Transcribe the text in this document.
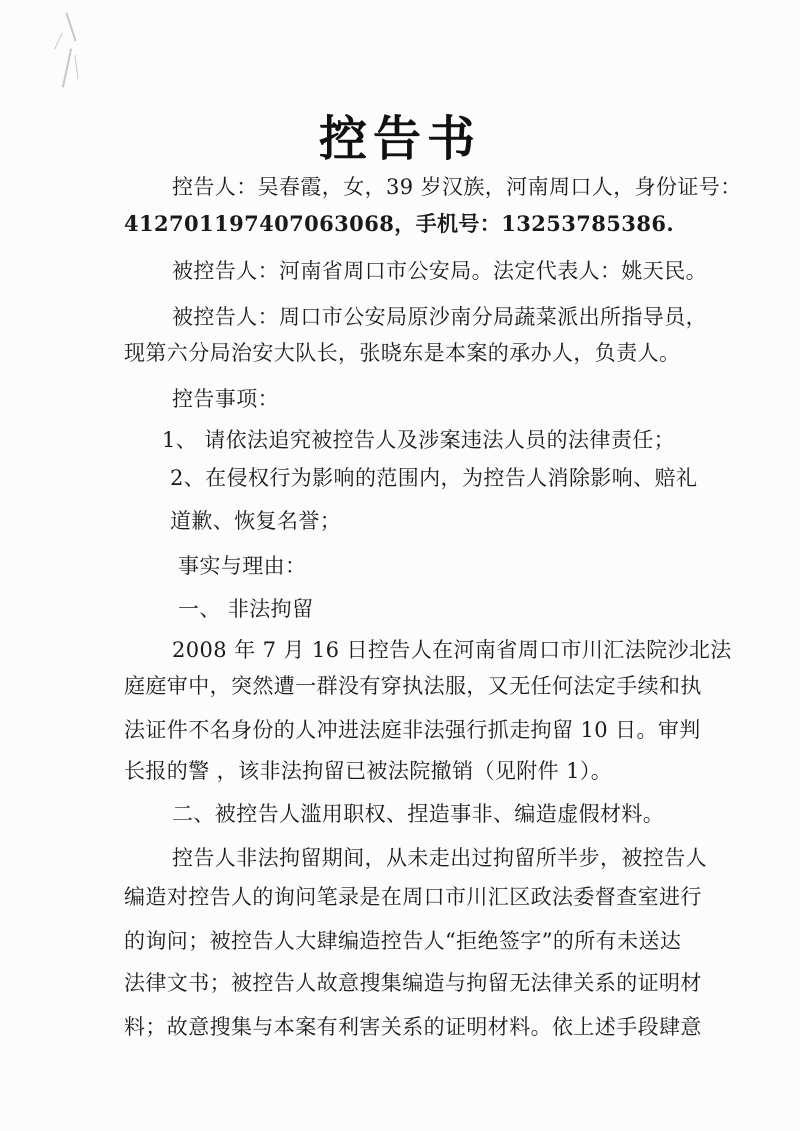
控告书
控告人：吴春霞，女，39 岁汉族，河南周口人，身份证号：
412701197407063068，手机号：13253785386.
被控告人：河南省周口市公安局。法定代表人：姚天民。
被控告人：周口市公安局原沙南分局蔬菜派出所指导员，
现第六分局治安大队长，张晓东是本案的承办人，负责人。
控告事项：
1、 请依法追究被控告人及涉案违法人员的法律责任；
2、在侵权行为影响的范围内，为控告人消除影响、赔礼
道歉、恢复名誉；
事实与理由：
一、 非法拘留
2008 年 7 月 16 日控告人在河南省周口市川汇法院沙北法
庭庭审中，突然遭一群没有穿执法服，又无任何法定手续和执
法证件不名身份的人冲进法庭非法强行抓走拘留 10 日。审判
长报的警 ，该非法拘留已被法院撤销（见附件 1）。
二、被控告人滥用职权、捏造事非、编造虚假材料。
控告人非法拘留期间，从未走出过拘留所半步，被控告人
编造对控告人的询问笔录是在周口市川汇区政法委督查室进行
的询问；被控告人大肆编造控告人“拒绝签字”的所有未送达
法律文书；被控告人故意搜集编造与拘留无法律关系的证明材
料；故意搜集与本案有利害关系的证明材料。依上述手段肆意
